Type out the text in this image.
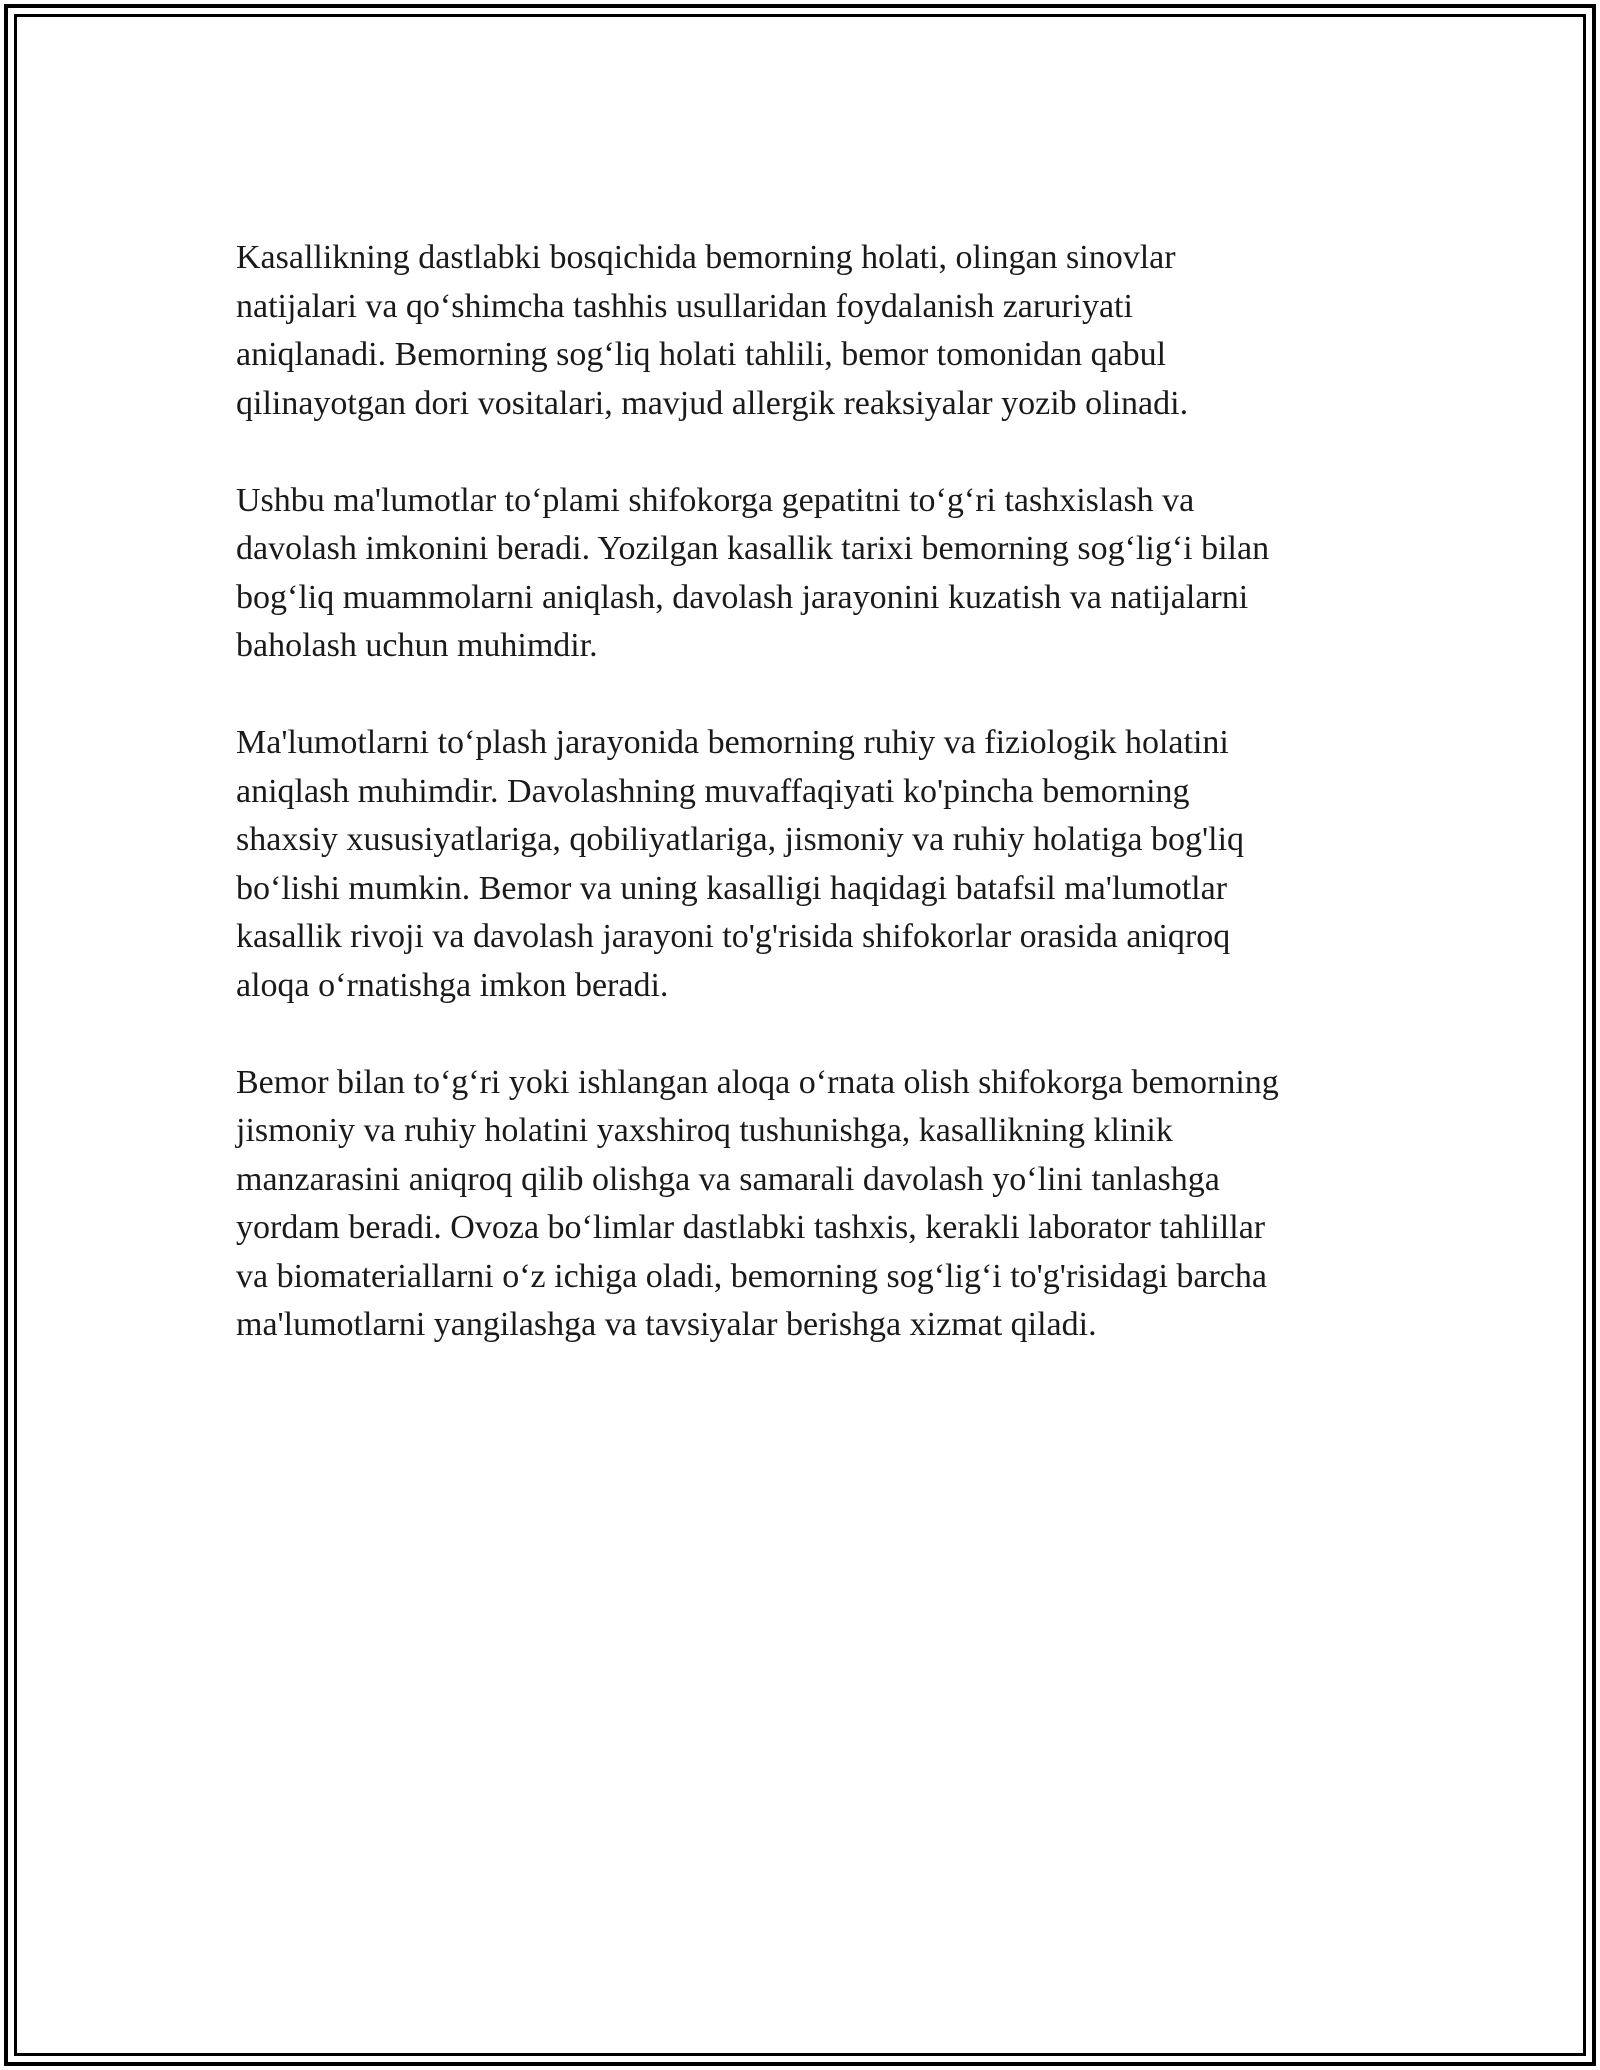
Kasallikning dastlabki bosqichida bemorning holati, olingan sinovlar
natijalari va qo‘shimcha tashhis usullaridan foydalanish zaruriyati
aniqlanadi. Bemorning sog‘liq holati tahlili, bemor tomonidan qabul
qilinayotgan dori vositalari, mavjud allergik reaksiyalar yozib olinadi.

Ushbu ma'lumotlar to‘plami shifokorga gepatitni to‘g‘ri tashxislash va
davolash imkonini beradi. Yozilgan kasallik tarixi bemorning sog‘lig‘i bilan
bog‘liq muammolarni aniqlash, davolash jarayonini kuzatish va natijalarni
baholash uchun muhimdir.

Ma'lumotlarni to‘plash jarayonida bemorning ruhiy va fiziologik holatini
aniqlash muhimdir. Davolashning muvaffaqiyati ko'pincha bemorning
shaxsiy xususiyatlariga, qobiliyatlariga, jismoniy va ruhiy holatiga bog'liq
bo‘lishi mumkin. Bemor va uning kasalligi haqidagi batafsil ma'lumotlar
kasallik rivoji va davolash jarayoni to'g'risida shifokorlar orasida aniqroq
aloqa o‘rnatishga imkon beradi.

Bemor bilan to‘g‘ri yoki ishlangan aloqa o‘rnata olish shifokorga bemorning
jismoniy va ruhiy holatini yaxshiroq tushunishga, kasallikning klinik
manzarasini aniqroq qilib olishga va samarali davolash yo‘lini tanlashga
yordam beradi. Ovoza bo‘limlar dastlabki tashxis, kerakli laborator tahlillar
va biomateriallarni o‘z ichiga oladi, bemorning sog‘lig‘i to'g'risidagi barcha
ma'lumotlarni yangilashga va tavsiyalar berishga xizmat qiladi.
